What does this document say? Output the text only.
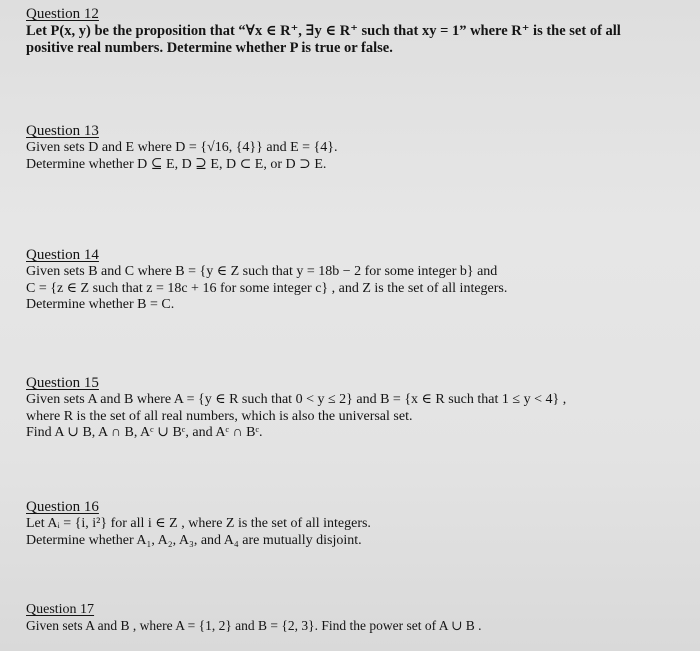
Question 12
Let P(x, y) be the proposition that “∀x ∈ R⁺, ∃y ∈ R⁺ such that xy = 1” where R⁺ is the set of all
positive real numbers. Determine whether P is true or false.
Question 13
Given sets D and E where D = {√16, {4}} and E = {4}.
Determine whether D ⊆ E, D ⊇ E, D ⊂ E, or D ⊃ E.
Question 14
Given sets B and C where B = {y ∈ Z such that y = 18b − 2 for some integer b} and
C = {z ∈ Z such that z = 18c + 16 for some integer c} , and Z is the set of all integers.
Determine whether B = C.
Question 15
Given sets A and B where A = {y ∈ R such that 0 < y ≤ 2} and B = {x ∈ R such that 1 ≤ y < 4} ,
where R is the set of all real numbers, which is also the universal set.
Find A ∪ B, A ∩ B, Aᶜ ∪ Bᶜ, and Aᶜ ∩ Bᶜ.
Question 16
Let Aᵢ = {i, i²} for all i ∈ Z , where Z is the set of all integers.
Determine whether A₁, A₂, A₃, and A₄ are mutually disjoint.
Question 17
Given sets A and B , where A = {1, 2} and B = {2, 3}. Find the power set of A ∪ B .
